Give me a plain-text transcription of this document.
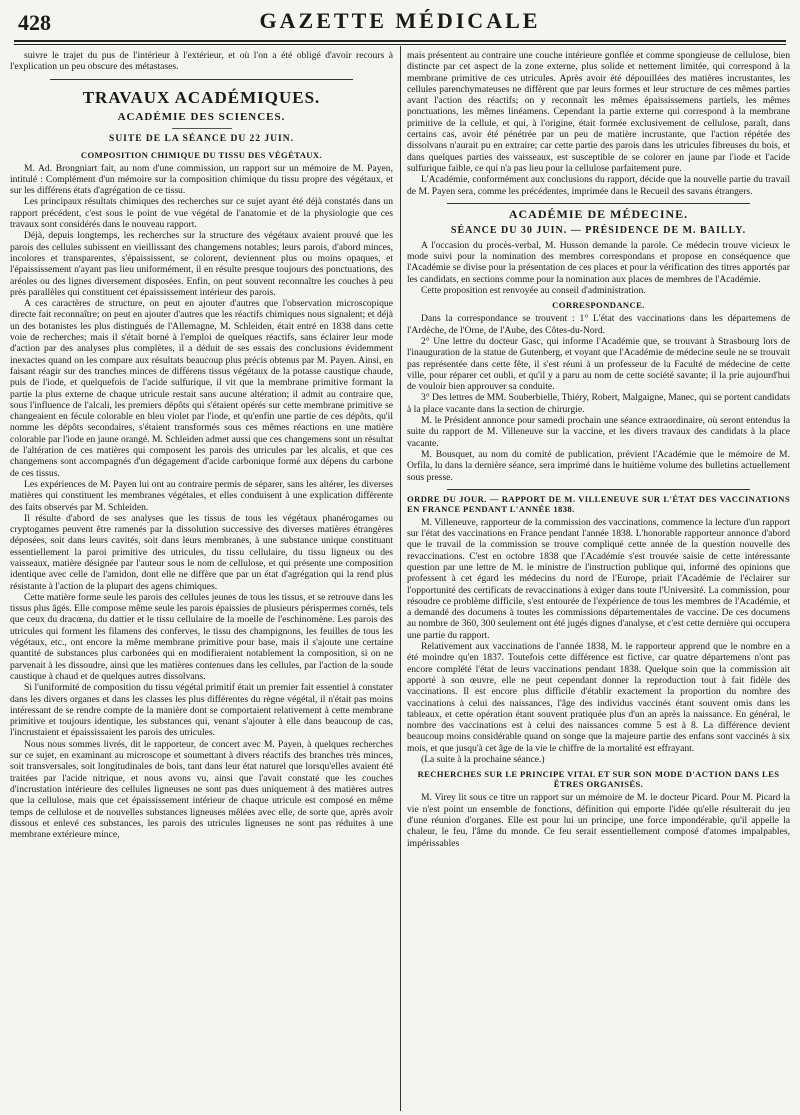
428	GAZETTE MÉDICALE

suivre le trajet du pus de l'intérieur à l'extérieur, et où l'on a été obligé d'avoir recours à l'explication un peu obscure des métastases.

TRAVAUX ACADÉMIQUES.
ACADÉMIE DES SCIENCES.
SUITE DE LA SÉANCE DU 22 JUIN.
COMPOSITION CHIMIQUE DU TISSU DES VÉGÉTAUX.

M. Ad. Brongniart fait, au nom d'une commission, un rapport sur un mémoire de M. Payen, intitulé : Complément d'un mémoire sur la composition chimique du tissu propre des végétaux, et sur les différens états d'agrégation de ce tissu.

Les principaux résultats chimiques des recherches sur ce sujet ayant été déjà constatés dans un rapport précédent, c'est sous le point de vue végétal de l'anatomie et de la physiologie que ces travaux sont considérés dans le nouveau rapport.

Déjà, depuis longtemps, les recherches sur la structure des végétaux avaient prouvé que les parois des cellules subissent en vieillissant des changemens notables; leurs parois, d'abord minces, incolores et transparentes, s'épaississent, se colorent, deviennent plus ou moins opaques, et l'épaississement n'ayant pas lieu uniformément, il en résulte presque toujours des ponctuations, des aréoles ou des lignes diversement disposées. Enfin, on peut souvent reconnaître les couches à peu près parallèles qui constituent cet épaississement intérieur des parois.

A ces caractères de structure, on peut en ajouter d'autres que l'observation microscopique directe fait reconnaître; on peut en ajouter d'autres que les réactifs chimiques nous signalent; et déjà un des botanistes les plus distingués de l'Allemagne, M. Schleiden, était entré en 1838 dans cette voie de recherches; mais il s'était borné à l'emploi de quelques réactifs, sans éclairer leur mode d'action par des analyses plus complètes, il a déduit de ses essais des conclusions évidemment inexactes quand on les compare aux résultats beaucoup plus précis obtenus par M. Payen. Ainsi, en faisant réagir sur des tranches minces de différens tissus végétaux de la potasse caustique chaude, puis de l'iode, et quelquefois de l'acide sulfurique, il vit que la membrane primitive formant la partie la plus externe de chaque utricule restait sans aucune altération; il admit au contraire que, sous l'influence de l'alcali, les premiers dépôts qui s'étaient opérés sur cette membrane primitive se changeaient en fécule colorable en bleu violet par l'iode, et qu'enfin une partie de ces dépôts, qu'il nomme les dépôts secondaires, s'étaient transformés sous ces mêmes réactions en une matière colorable par l'iode en jaune orangé. M. Schleiden admet aussi que ces changemens sont un résultat de l'altération de ces matières qui composent les parois des utricules par les alcalis, et que ces changemens sont accompagnés d'un dégagement d'acide carbonique formé aux dépens du carbone de ces tissus.

Les expériences de M. Payen lui ont au contraire permis de séparer, sans les altérer, les diverses matières qui constituent les membranes végétales, et elles conduisent à une explication différente des faits observés par M. Schleiden.

Il résulte d'abord de ses analyses que les tissus de tous les végétaux phanérogames ou cryptogames peuvent être ramenés par la dissolution successive des diverses matières étrangères déposées, soit dans leurs cavités, soit dans leurs membranes, à une substance unique constituant essentiellement la paroi primitive des utricules, du tissu cellulaire, du tissu ligneux ou des vaisseaux, matière désignée par l'auteur sous le nom de cellulose, et qui présente une composition identique avec celle de l'amidon, dont elle ne diffère que par un état d'agrégation qui la rend plus résistante à l'action de la plupart des agens chimiques.

Cette matière forme seule les parois des cellules jeunes de tous les tissus, et se retrouve dans les tissus plus âgés. Elle compose même seule les parois épaissies de plusieurs périspermes cornés, tels que ceux du dracœna, du dattier et le tissu cellulaire de la moelle de l'eschinomène. Les parois des utricules qui forment les filamens des conferves, le tissu des champignons, les feuilles de tous les végétaux, etc., ont encore la même membrane primitive pour base, mais il s'ajoute une certaine quantité de substances plus carbonées qui en modifieraient notablement la composition, si on ne parvenait à les dissoudre, ainsi que les matières contenues dans les cellules, par l'action de la soude caustique à chaud et de quelques autres dissolvans.

Si l'uniformité de composition du tissu végétal primitif était un premier fait essentiel à constater dans les divers organes et dans les classes les plus différentes du règne végétal, il n'était pas moins intéressant de se rendre compte de la manière dont se comportaient relativement à cette membrane primitive et toujours identique, les substances qui, venant s'ajouter à elle dans beaucoup de cas, l'incrustaient et épaississaient les parois des utricules.

Nous nous sommes livrés, dit le rapporteur, de concert avec M. Payen, à quelques recherches sur ce sujet, en examinant au microscope et soumettant à divers réactifs des branches très minces, soit transversales, soit longitudinales de bois, tant dans leur état naturel que lorsqu'elles avaient été traitées par l'acide nitrique, et nous avons vu, ainsi que l'avait constaté que les couches d'incrustation intérieure des cellules ligneuses ne sont pas dues uniquement à des matières autres que la cellulose, mais que cet épaississement intérieur de chaque utricule est composé en même temps de cellulose et de nouvelles substances ligneuses mêlées avec elle, de sorte que, après avoir dissous et enlevé ces substances, les parois des utricules ligneuses ne sont pas réduites à une membrane extérieure mince,

mais présentent au contraire une couche intérieure gonflée et comme spongieuse de cellulose, bien distincte par cet aspect de la zone externe, plus solide et nettement limitée, qui correspond à la membrane primitive de ces utricules. Après avoir été dépouillées des matières incrustantes, les cellules parenchymateuses ne diffèrent que par leurs formes et leur structure de ces mêmes parties avant l'action des réactifs; on y reconnaît les mêmes épaississemens partiels, les mêmes ponctuations, les mêmes linéamens. Cependant la partie externe qui correspond à la membrane primitive de la cellule, et qui, à l'origine, était formée exclusivement de cellulose, paraît, dans certains cas, avoir été pénétrée par un peu de matière incrustante, que l'action répétée des dissolvans n'aurait pu en extraire; car cette partie des parois dans les utricules fibreuses du bois, et dans quelques parties des vaisseaux, est susceptible de se colorer en jaune par l'iode et l'acide sulfurique faible, ce qui n'a pas lieu pour la cellulose parfaitement pure.

L'Académie, conformément aux conclusions du rapport, décide que la nouvelle partie du travail de M. Payen sera, comme les précédentes, imprimée dans le Recueil des savans étrangers.

ACADÉMIE DE MÉDECINE.
SÉANCE DU 30 JUIN. — PRÉSIDENCE DE M. BAILLY.

A l'occasion du procès-verbal, M. Husson demande la parole. Ce médecin trouve vicieux le mode suivi pour la nomination des membres correspondans et propose en conséquence que l'Académie se divise pour la présentation de ces places et pour la vérification des titres apportés par les candidats, en sections comme pour la nomination aux places de membres de l'Académie.

Cette proposition est renvoyée au conseil d'administration.

CORRESPONDANCE.

Dans la correspondance se trouvent : 1° L'état des vaccinations dans les départemens de l'Ardèche, de l'Orne, de l'Aube, des Côtes-du-Nord.

2° Une lettre du docteur Gasc, qui informe l'Académie que, se trouvant à Strasbourg lors de l'inauguration de la statue de Gutenberg, et voyant que l'Académie de médecine seule ne se trouvait pas représentée dans cette fête, il s'est réuni à un professeur de la Faculté de médecine de cette ville, pour réparer cet oubli, et qu'il y a paru au nom de cette société savante; il la prie aujourd'hui de vouloir bien approuver sa conduite.

3° Des lettres de MM. Souberbielle, Thiéry, Robert, Malgaigne, Manec, qui se portent candidats à la place vacante dans la section de chirurgie.

M. le Président annonce pour samedi prochain une séance extraordinaire, où seront entendus la suite du rapport de M. Villeneuve sur la vaccine, et les divers travaux des candidats à la place vacante.

M. Bousquet, au nom du comité de publication, prévient l'Académie que le mémoire de M. Orfila, lu dans la dernière séance, sera imprimé dans le huitième volume des bulletins actuellement sous presse.

ORDRE DU JOUR. — RAPPORT DE M. VILLENEUVE SUR L'ÉTAT DES VACCINATIONS EN FRANCE PENDANT L'ANNÉE 1838.

M. Villeneuve, rapporteur de la commission des vaccinations, commence la lecture d'un rapport sur l'état des vaccinations en France pendant l'année 1838. L'honorable rapporteur annonce d'abord que le travail de la commission se trouve compliqué cette année de la question nouvelle des revaccinations. C'est en octobre 1838 que l'Académie s'est trouvée saisie de cette intéressante question par une lettre de M. le ministre de l'instruction publique qui, informé des opinions que professent à cet égard les médecins du nord de l'Europe, priait l'Académie de l'éclairer sur l'opportunité des certificats de revaccinations à exiger dans toute l'Université. La commission, pour résoudre ce problème difficile, s'est entourée de l'expérience de tous les membres de l'Académie, et a demandé des documens à toutes les commissions départementales de vaccine. De ces documens au nombre de 360, 300 seulement ont été jugés dignes d'analyse, et c'est cette dernière qui occupera une partie du rapport.

Relativement aux vaccinations de l'année 1838, M. le rapporteur apprend que le nombre en a été moindre qu'en 1837. Toutefois cette différence est fictive, car quatre départemens n'ont pas encore complété l'état de leurs vaccinations pendant 1838. Quelque soin que la commission ait apporté à son œuvre, elle ne peut cependant donner la reproduction tout à fait fidèle des vaccinations. Il est encore plus difficile d'établir exactement la proportion du nombre des vaccinations à celui des naissances, l'âge des individus vaccinés étant souvent omis dans les tableaux, et cette opération étant souvent pratiquée plus d'un an après la naissance. En général, le nombre des vaccinations est à celui des naissances comme 5 est à 8. La différence devient beaucoup moins considérable quand on songe que la majeure partie des enfans sont vaccinés à six mois, et que jusqu'à cet âge de la vie le chiffre de la mortalité est effrayant.

(La suite à la prochaine séance.)

RECHERCHES SUR LE PRINCIPE VITAL ET SUR SON MODE D'ACTION DANS LES ÊTRES ORGANISÉS.

M. Virey lit sous ce titre un rapport sur un mémoire de M. le docteur Picard. Pour M. Picard la vie n'est point un ensemble de fonctions, définition qui emporte l'idée qu'elle résulterait du jeu d'une réunion d'organes. Elle est pour lui un principe, une force impondérable, qu'il appelle la chaleur, le feu, l'âme du monde. Ce feu serait essentiellement composé d'atomes impalpables, impérissables
